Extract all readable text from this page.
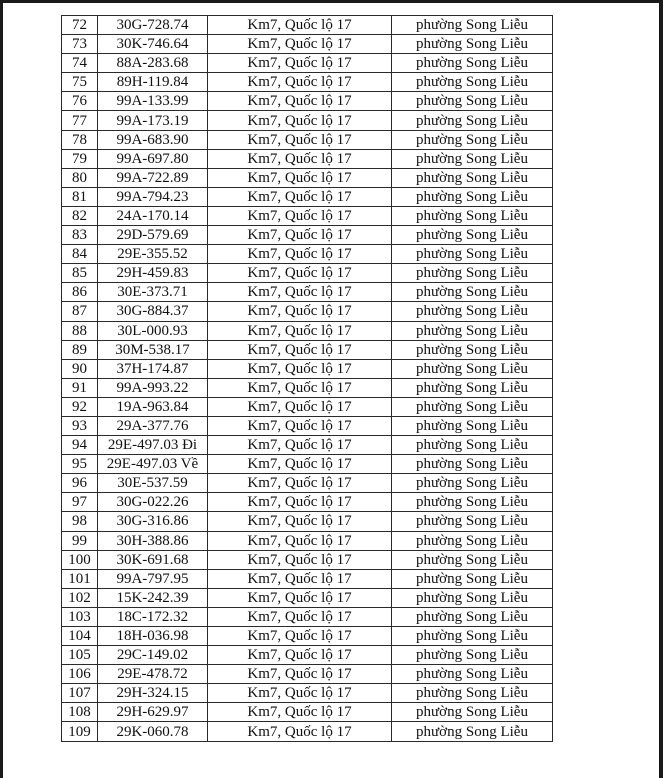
72	30G-728.74	Km7, Quốc lộ 17	phường Song Liễu
73	30K-746.64	Km7, Quốc lộ 17	phường Song Liễu
74	88A-283.68	Km7, Quốc lộ 17	phường Song Liễu
75	89H-119.84	Km7, Quốc lộ 17	phường Song Liễu
76	99A-133.99	Km7, Quốc lộ 17	phường Song Liễu
77	99A-173.19	Km7, Quốc lộ 17	phường Song Liễu
78	99A-683.90	Km7, Quốc lộ 17	phường Song Liễu
79	99A-697.80	Km7, Quốc lộ 17	phường Song Liễu
80	99A-722.89	Km7, Quốc lộ 17	phường Song Liễu
81	99A-794.23	Km7, Quốc lộ 17	phường Song Liễu
82	24A-170.14	Km7, Quốc lộ 17	phường Song Liễu
83	29D-579.69	Km7, Quốc lộ 17	phường Song Liễu
84	29E-355.52	Km7, Quốc lộ 17	phường Song Liễu
85	29H-459.83	Km7, Quốc lộ 17	phường Song Liễu
86	30E-373.71	Km7, Quốc lộ 17	phường Song Liễu
87	30G-884.37	Km7, Quốc lộ 17	phường Song Liễu
88	30L-000.93	Km7, Quốc lộ 17	phường Song Liễu
89	30M-538.17	Km7, Quốc lộ 17	phường Song Liễu
90	37H-174.87	Km7, Quốc lộ 17	phường Song Liễu
91	99A-993.22	Km7, Quốc lộ 17	phường Song Liễu
92	19A-963.84	Km7, Quốc lộ 17	phường Song Liễu
93	29A-377.76	Km7, Quốc lộ 17	phường Song Liễu
94	29E-497.03 Đi	Km7, Quốc lộ 17	phường Song Liễu
95	29E-497.03 Về	Km7, Quốc lộ 17	phường Song Liễu
96	30E-537.59	Km7, Quốc lộ 17	phường Song Liễu
97	30G-022.26	Km7, Quốc lộ 17	phường Song Liễu
98	30G-316.86	Km7, Quốc lộ 17	phường Song Liễu
99	30H-388.86	Km7, Quốc lộ 17	phường Song Liễu
100	30K-691.68	Km7, Quốc lộ 17	phường Song Liễu
101	99A-797.95	Km7, Quốc lộ 17	phường Song Liễu
102	15K-242.39	Km7, Quốc lộ 17	phường Song Liễu
103	18C-172.32	Km7, Quốc lộ 17	phường Song Liễu
104	18H-036.98	Km7, Quốc lộ 17	phường Song Liễu
105	29C-149.02	Km7, Quốc lộ 17	phường Song Liễu
106	29E-478.72	Km7, Quốc lộ 17	phường Song Liễu
107	29H-324.15	Km7, Quốc lộ 17	phường Song Liễu
108	29H-629.97	Km7, Quốc lộ 17	phường Song Liễu
109	29K-060.78	Km7, Quốc lộ 17	phường Song Liễu
